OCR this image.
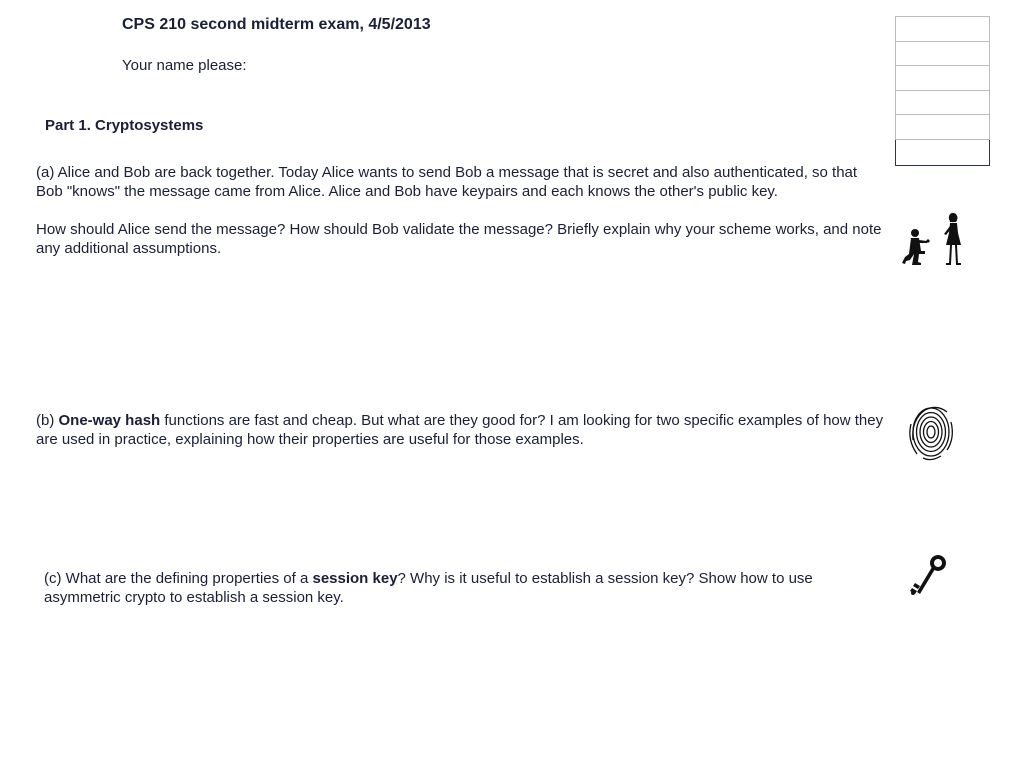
CPS 210 second midterm exam, 4/5/2013
Your name please:

Part 1. Cryptosystems
(a) Alice and Bob are back together. Today Alice wants to send Bob a message that is secret and also authenticated, so that Bob "knows" the message came from Alice. Alice and Bob have keypairs and each knows the other's public key.
How should Alice send the message? How should Bob validate the message? Briefly explain why your scheme works, and note any additional assumptions.
(b) One-way hash functions are fast and cheap. But what are they good for? I am looking for two specific examples of how they are used in practice, explaining how their properties are useful for those examples.
(c) What are the defining properties of a session key? Why is it useful to establish a session key? Show how to use asymmetric crypto to establish a session key.
